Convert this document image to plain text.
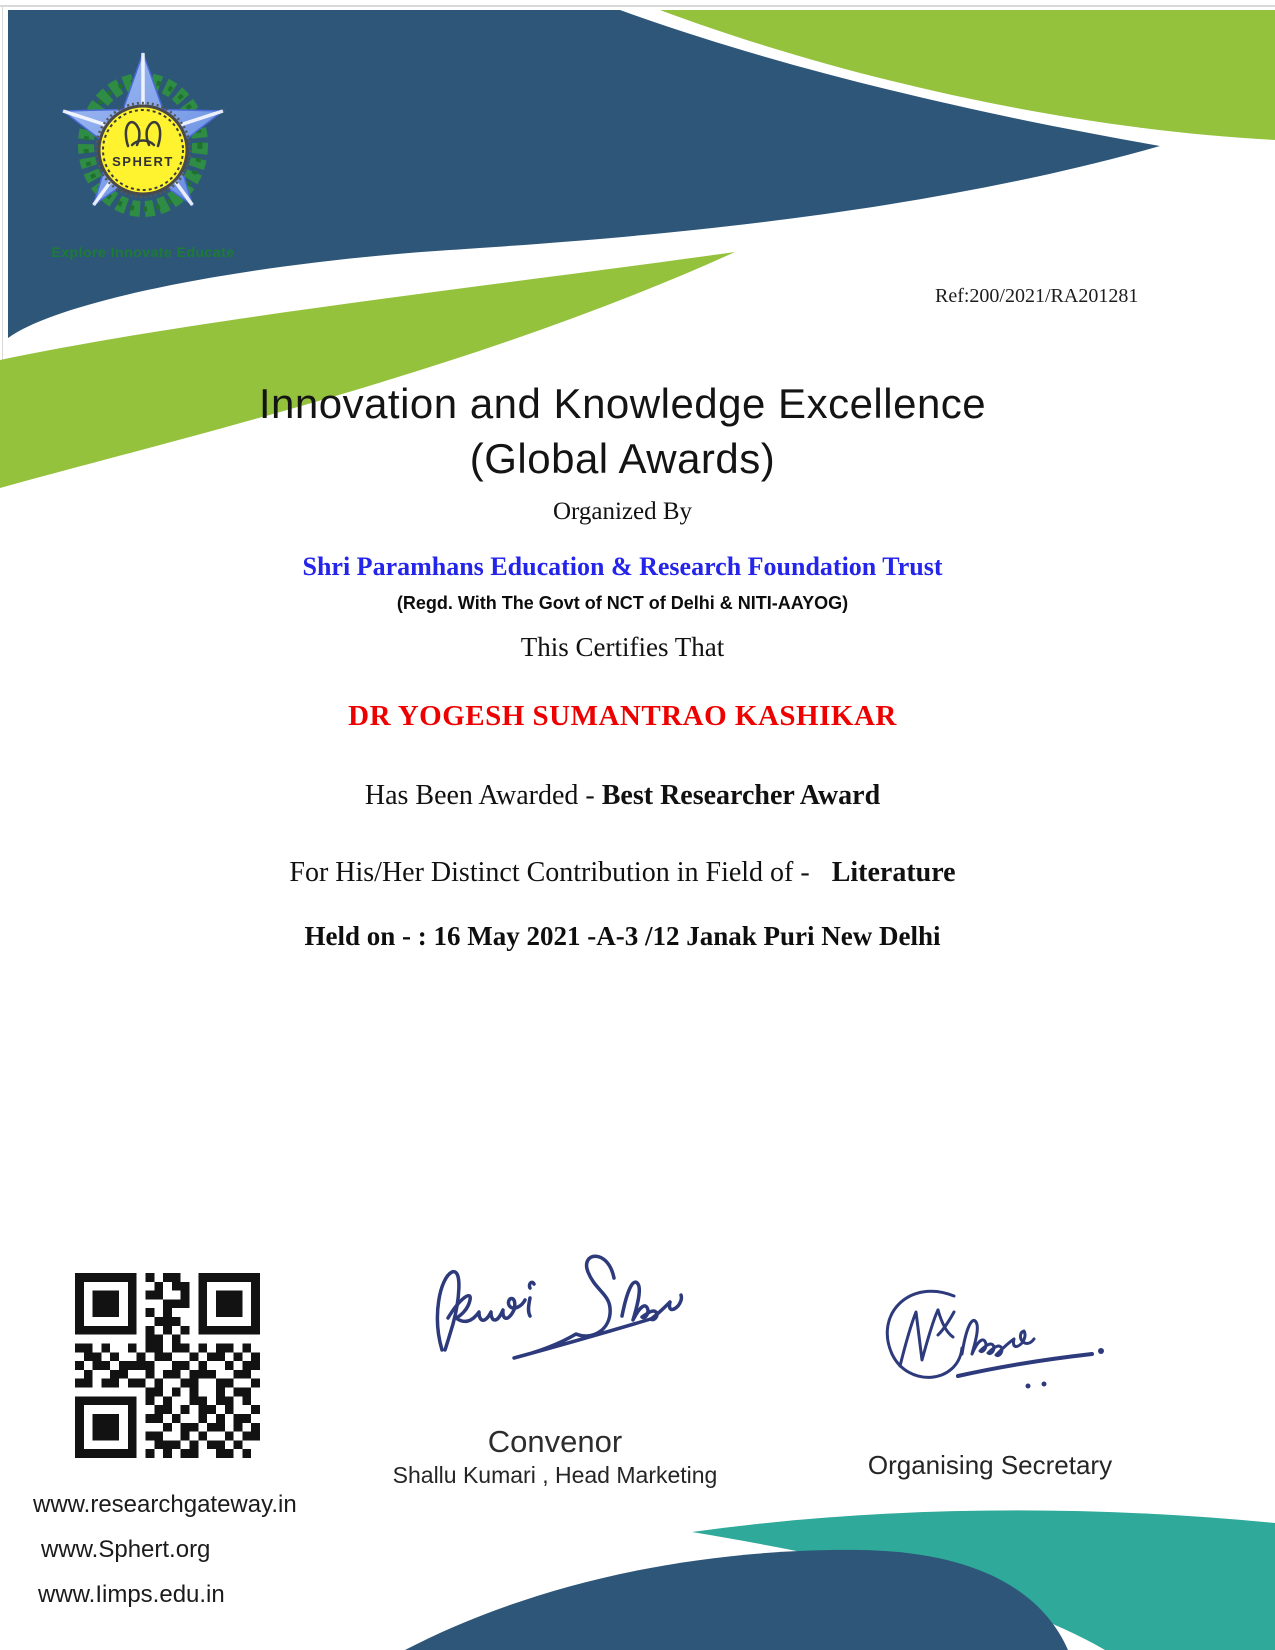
SPHERT
Explore Innovate Educate
Ref:200/2021/RA201281
Innovation and Knowledge Excellence
(Global Awards)
Organized By
Shri Paramhans Education & Research Foundation Trust
(Regd. With The Govt of NCT of Delhi & NITI-AAYOG)
This Certifies That
DR YOGESH SUMANTRAO KASHIKAR
Has Been Awarded - Best Researcher Award
For His/Her Distinct Contribution in Field of - Literature
Held on - : 16 May 2021 -A-3 /12 Janak Puri New Delhi
Convenor
Shallu Kumari , Head Marketing	Organising Secretary
www.researchgateway.in
www.Sphert.org
www.Iimps.edu.in
